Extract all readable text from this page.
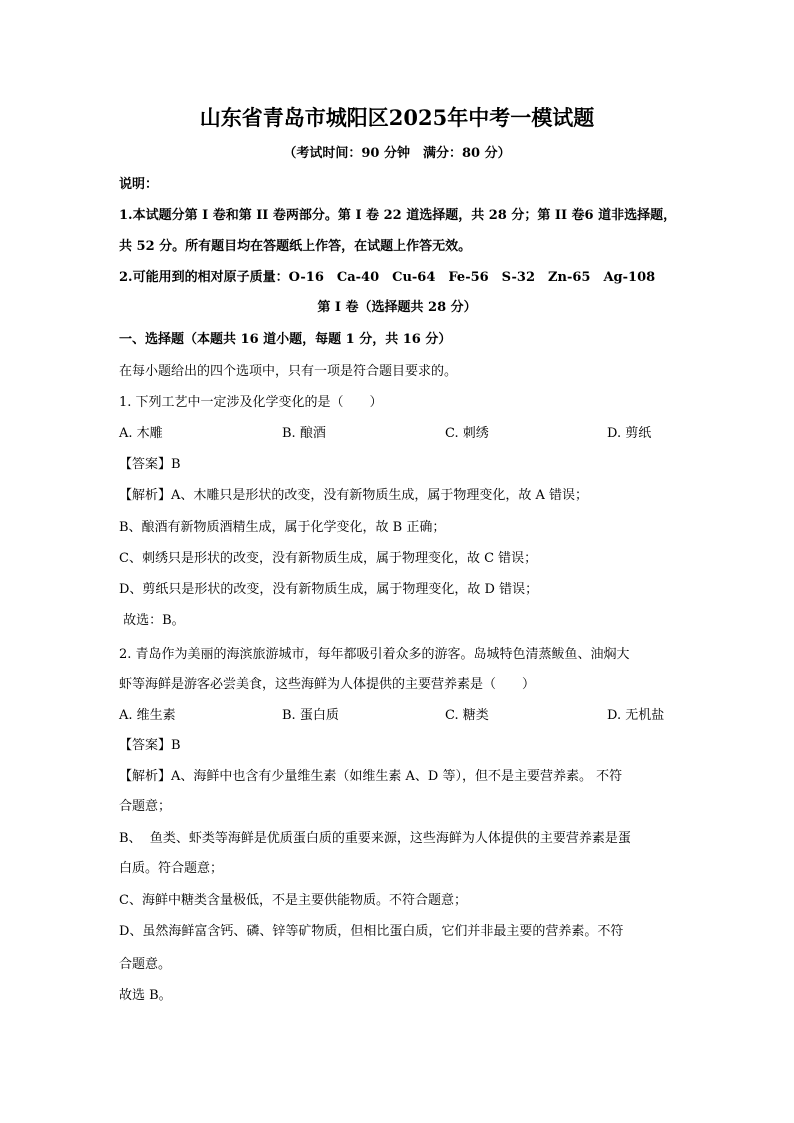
山东省青岛市城阳区2025年中考一模试题
（考试时间：90 分钟　满分：80 分）
说明：
1.本试题分第 I 卷和第 II 卷两部分。第 I 卷 22 道选择题，共 28 分；第 II 卷6 道非选择题，
共 52 分。所有题目均在答题纸上作答，在试题上作答无效。
2.可能用到的相对原子质量：O-16　Ca-40　Cu-64　Fe-56　S-32　Zn-65　Ag-108
第 I 卷（选择题共 28 分）
一、选择题（本题共 16 道小题，每题 1 分，共 16 分）
在每小题给出的四个选项中，只有一项是符合题目要求的。
1. 下列工艺中一定涉及化学变化的是（　　）
A. 木雕	B. 酿酒	C. 刺绣	D. 剪纸
【答案】B
【解析】A、木雕只是形状的改变，没有新物质生成，属于物理变化，故 A 错误；
B、酿酒有新物质酒精生成，属于化学变化，故 B 正确；
C、刺绣只是形状的改变，没有新物质生成，属于物理变化，故 C 错误；
D、剪纸只是形状的改变，没有新物质生成，属于物理变化，故 D 错误；
故选：B。
2. 青岛作为美丽的海滨旅游城市，每年都吸引着众多的游客。岛城特色清蒸鲅鱼、油焖大
虾等海鲜是游客必尝美食，这些海鲜为人体提供的主要营养素是（　　）
A. 维生素	B. 蛋白质	C. 糖类	D. 无机盐
【答案】B
【解析】A、海鲜中也含有少量维生素（如维生素 A、D 等），但不是主要营养素。 不符
合题意；
B、  鱼类、虾类等海鲜是优质蛋白质的重要来源，这些海鲜为人体提供的主要营养素是蛋
白质。符合题意；
C、海鲜中糖类含量极低，不是主要供能物质。不符合题意；
D、虽然海鲜富含钙、磷、锌等矿物质，但相比蛋白质，它们并非最主要的营养素。不符
合题意。
故选 B。
